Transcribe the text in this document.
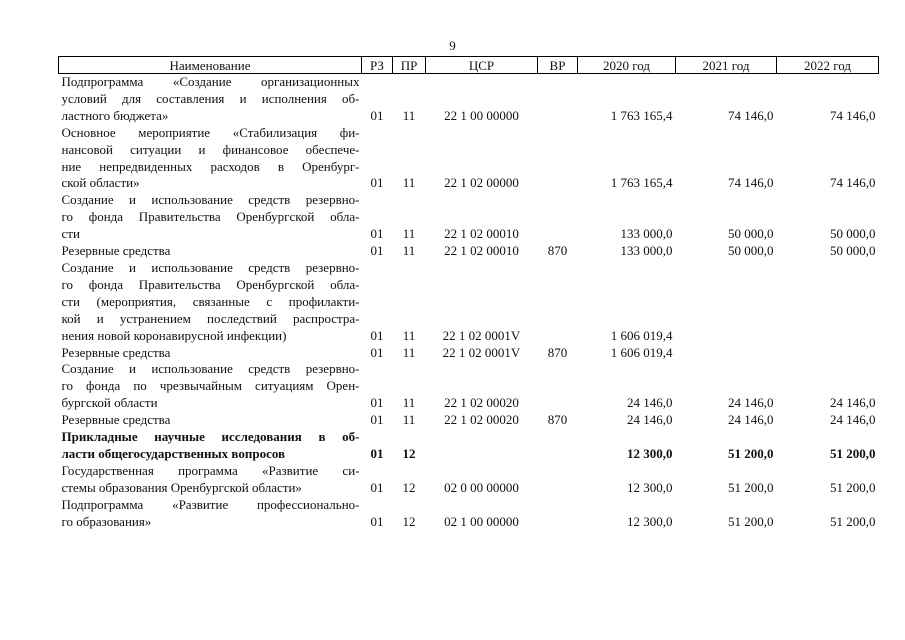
9
Наименование	РЗ	ПР	ЦСР	ВР	2020 год	2021 год	2022 год

Подпрограмма «Создание организационных
условий для составления и исполнения об-
ластного бюджета»	01	11	22 1 00 00000		1 763 165,4	74 146,0	74 146,0

Основное мероприятие «Стабилизация фи-
нансовой ситуации и финансовое обеспече-
ние непредвиденных расходов в Оренбург-
ской области»	01	11	22 1 02 00000		1 763 165,4	74 146,0	74 146,0

Создание и использование средств резервно-
го фонда Правительства Оренбургской обла-
сти	01	11	22 1 02 00010		133 000,0	50 000,0	50 000,0
Резервные средства	01	11	22 1 02 00010	870	133 000,0	50 000,0	50 000,0

Создание и использование средств резервно-
го фонда Правительства Оренбургской обла-
сти (мероприятия, связанные с профилакти-
кой и устранением последствий распростра-
нения новой коронавирусной инфекции)	01	11	22 1 02 0001V		1 606 019,4		
Резервные средства	01	11	22 1 02 0001V	870	1 606 019,4		

Создание и использование средств резервно-
го фонда по чрезвычайным ситуациям Орен-
бургской области	01	11	22 1 02 00020		24 146,0	24 146,0	24 146,0
Резервные средства	01	11	22 1 02 00020	870	24 146,0	24 146,0	24 146,0

Прикладные научные исследования в об-
ласти общегосударственных вопросов	01	12			12 300,0	51 200,0	51 200,0

Государственная программа «Развитие си-
стемы образования Оренбургской области»	01	12	02 0 00 00000		12 300,0	51 200,0	51 200,0

Подпрограмма «Развитие профессионально-
го образования»	01	12	02 1 00 00000		12 300,0	51 200,0	51 200,0
